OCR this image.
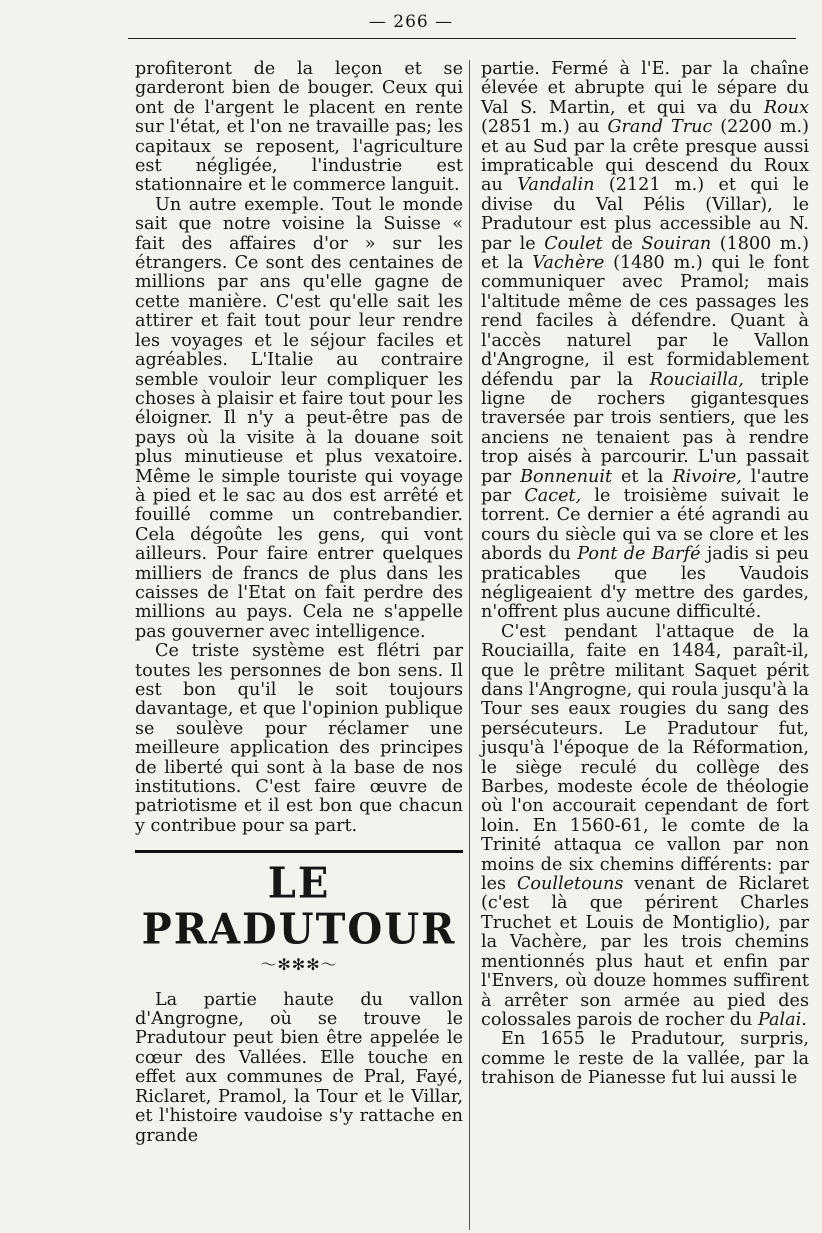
— 266 —

profiteront de la leçon et se garderont bien de bouger. Ceux qui ont de l'argent le placent en rente sur l'état, et l'on ne travaille pas; les capitaux se reposent, l'agriculture est négligée, l'industrie est stationnaire et le commerce languit.

Un autre exemple. Tout le monde sait que notre voisine la Suisse « fait des affaires d'or » sur les étrangers. Ce sont des centaines de millions par ans qu'elle gagne de cette manière. C'est qu'elle sait les attirer et fait tout pour leur rendre les voyages et le séjour faciles et agréables. L'Italie au contraire semble vouloir leur compliquer les choses à plaisir et faire tout pour les éloigner. Il n'y a peut-être pas de pays où la visite à la douane soit plus minutieuse et plus vexatoire. Même le simple touriste qui voyage à pied et le sac au dos est arrêté et fouillé comme un contrebandier. Cela dégoûte les gens, qui vont ailleurs. Pour faire entrer quelques milliers de francs de plus dans les caisses de l'Etat on fait perdre des millions au pays. Cela ne s'appelle pas gouverner avec intelligence.

Ce triste système est flétri par toutes les personnes de bon sens. Il est bon qu'il le soit toujours davantage, et que l'opinion publique se soulève pour réclamer une meilleure application des principes de liberté qui sont à la base de nos institutions. C'est faire œuvre de patriotisme et il est bon que chacun y contribue pour sa part.

LE PRADUTOUR
〜✻✻✻〜

La partie haute du vallon d'Angrogne, où se trouve le Pradutour peut bien être appelée le cœur des Vallées. Elle touche en effet aux communes de Pral, Fayé, Riclaret, Pramol, la Tour et le Villar, et l'histoire vaudoise s'y rattache en grande

partie. Fermé à l'E. par la chaîne élevée et abrupte qui le sépare du Val S. Martin, et qui va du Roux (2851 m.) au Grand Truc (2200 m.) et au Sud par la crête presque aussi impraticable qui descend du Roux au Vandalin (2121 m.) et qui le divise du Val Pélis (Villar), le Pradutour est plus accessible au N. par le Coulet de Souiran (1800 m.) et la Vachère (1480 m.) qui le font communiquer avec Pramol; mais l'altitude même de ces passages les rend faciles à défendre. Quant à l'accès naturel par le Vallon d'Angrogne, il est formidablement défendu par la Rouciailla, triple ligne de rochers gigantesques traversée par trois sentiers, que les anciens ne tenaient pas à rendre trop aisés à parcourir. L'un passait par Bonnenuit et la Rivoire, l'autre par Cacet, le troisième suivait le torrent. Ce dernier a été agrandi au cours du siècle qui va se clore et les abords du Pont de Barfé jadis si peu praticables que les Vaudois négligeaient d'y mettre des gardes, n'offrent plus aucune difficulté.

C'est pendant l'attaque de la Rouciailla, faite en 1484, paraît-il, que le prêtre militant Saquet périt dans l'Angrogne, qui roula jusqu'à la Tour ses eaux rougies du sang des persécuteurs. Le Pradutour fut, jusqu'à l'époque de la Réformation, le siège reculé du collège des Barbes, modeste école de théologie où l'on accourait cependant de fort loin. En 1560-61, le comte de la Trinité attaqua ce vallon par non moins de six chemins différents: par les Coulletouns venant de Riclaret (c'est là que périrent Charles Truchet et Louis de Montiglio), par la Vachère, par les trois chemins mentionnés plus haut et enfin par l'Envers, où douze hommes suffirent à arrêter son armée au pied des colossales parois de rocher du Palai.

En 1655 le Pradutour, surpris, comme le reste de la vallée, par la trahison de Pianesse fut lui aussi le
